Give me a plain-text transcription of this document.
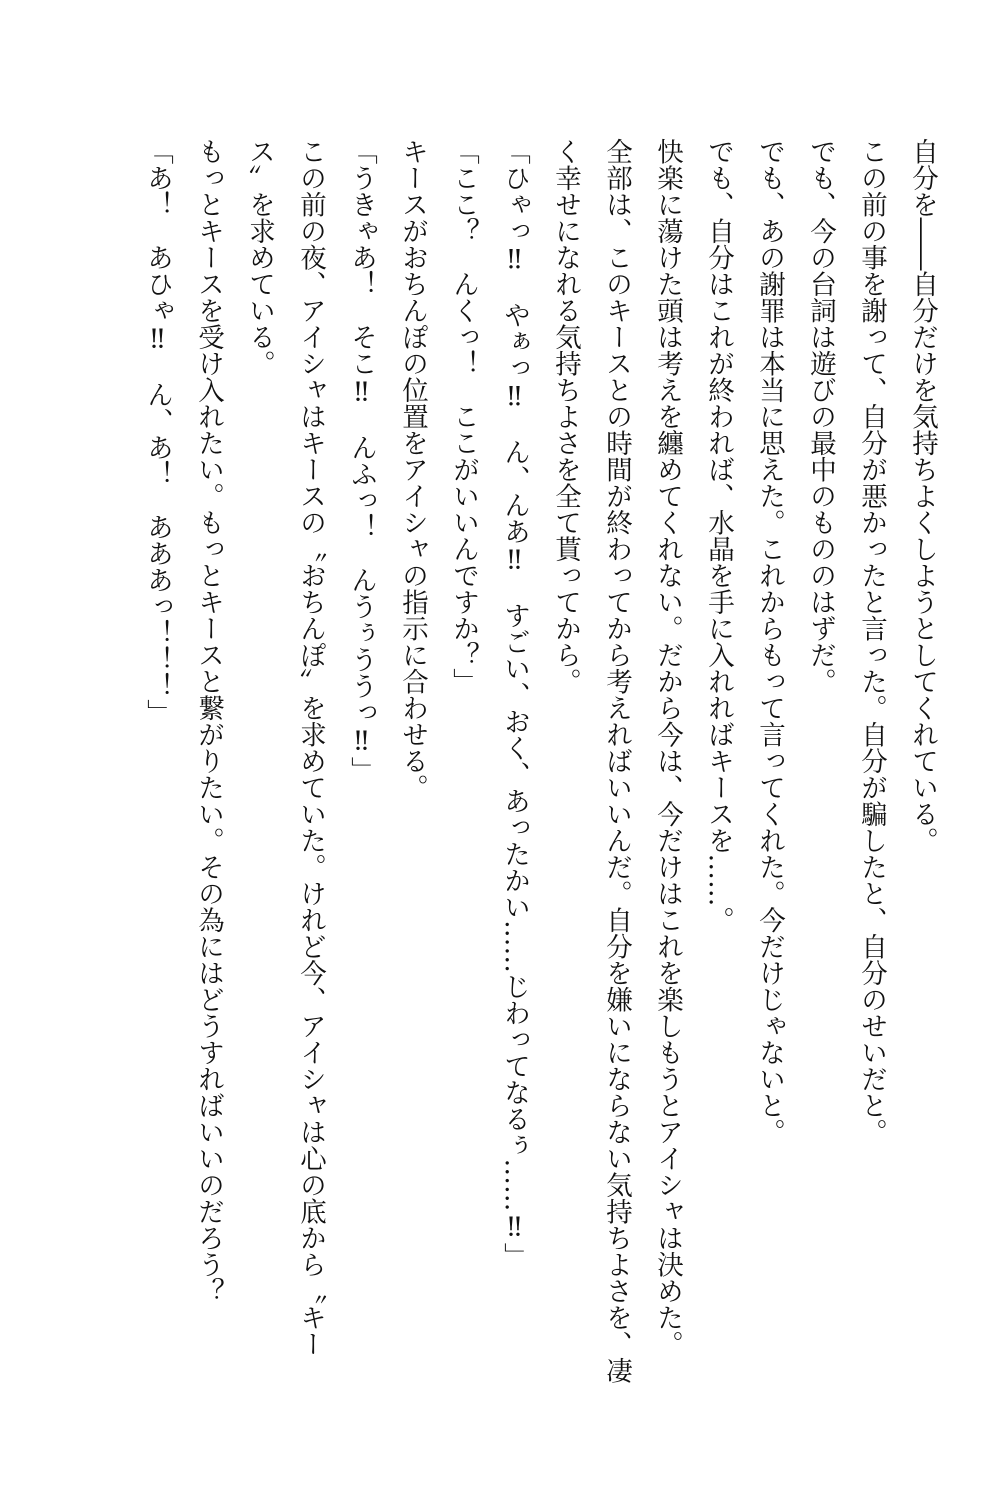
自分を――自分だけを気持ちよくしようとしてくれている。

この前の事を謝って、自分が悪かったと言った。自分が騙したと、自分のせいだと。

でも、今の台詞は遊びの最中のもののはずだ。

でも、あの謝罪は本当に思えた。これからもって言ってくれた。今だけじゃないと。

でも、自分はこれが終われば、水晶を手に入れればキースを……。

快楽に蕩けた頭は考えを纏めてくれない。だから今は、今だけはこれを楽しもうとアイシャは決めた。

全部は、このキースとの時間が終わってから考えればいいんだ。自分を嫌いにならない気持ちよさを、凄く幸せになれる気持ちよさを全て貰ってから。

「ひゃっ‼　やぁっ‼　ん、んあ‼　すごい、おく、あったかい……じわってなるぅ……‼」

「ここ？　んくっ！　ここがいいんですか？」

キースがおちんぽの位置をアイシャの指示に合わせる。

「うきゃあ！　そこ‼　んふっ！　んうぅううっ‼」

この前の夜、アイシャはキースの〝おちんぽ〟を求めていた。けれど今、アイシャは心の底から〝キース〟を求めている。

もっとキースを受け入れたい。もっとキースと繋がりたい。その為にはどうすればいいのだろう？

「あ！　あひゃ‼　ん、あ！　あああっ！！！」
